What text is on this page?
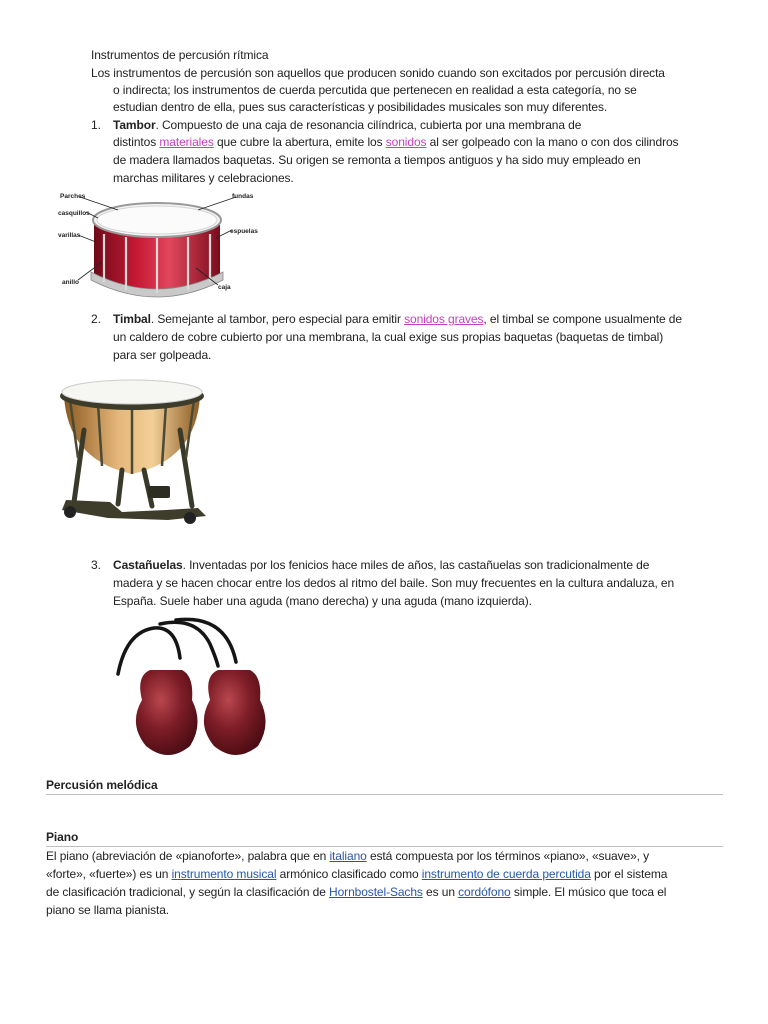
Instrumentos de percusión rítmica
Los instrumentos de percusión son aquellos que producen sonido cuando son excitados por percusión directa
o indirecta; los instrumentos de cuerda percutida que pertenecen en realidad a esta categoría, no se
estudian dentro de ella, pues sus características y posibilidades musicales son muy diferentes.
1. Tambor. Compuesto de una caja de resonancia cilíndrica, cubierta por una membrana de
distintos materiales que cubre la abertura, emite los sonidos al ser golpeado con la mano o con dos cilindros
de madera llamados baquetas. Su origen se remonta a tiempos antiguos y ha sido muy empleado en
marchas militares y celebraciones.
Parches
casquillos
varillas
anillo
fundas
espuelas
caja
2. Timbal. Semejante al tambor, pero especial para emitir sonidos graves, el timbal se compone usualmente de
un caldero de cobre cubierto por una membrana, la cual exige sus propias baquetas (baquetas de timbal)
para ser golpeada.
3. Castañuelas. Inventadas por los fenicios hace miles de años, las castañuelas son tradicionalmente de
madera y se hacen chocar entre los dedos al ritmo del baile. Son muy frecuentes en la cultura andaluza, en
España. Suele haber una aguda (mano derecha) y una aguda (mano izquierda).
Percusión melódica
Piano
El piano (abreviación de «pianoforte», palabra que en italiano está compuesta por los términos «piano», «suave», y
«forte», «fuerte») es un instrumento musical armónico clasificado como instrumento de cuerda percutida por el sistema
de clasificación tradicional, y según la clasificación de Hornbostel-Sachs es un cordófono simple. El músico que toca el
piano se llama pianista.
